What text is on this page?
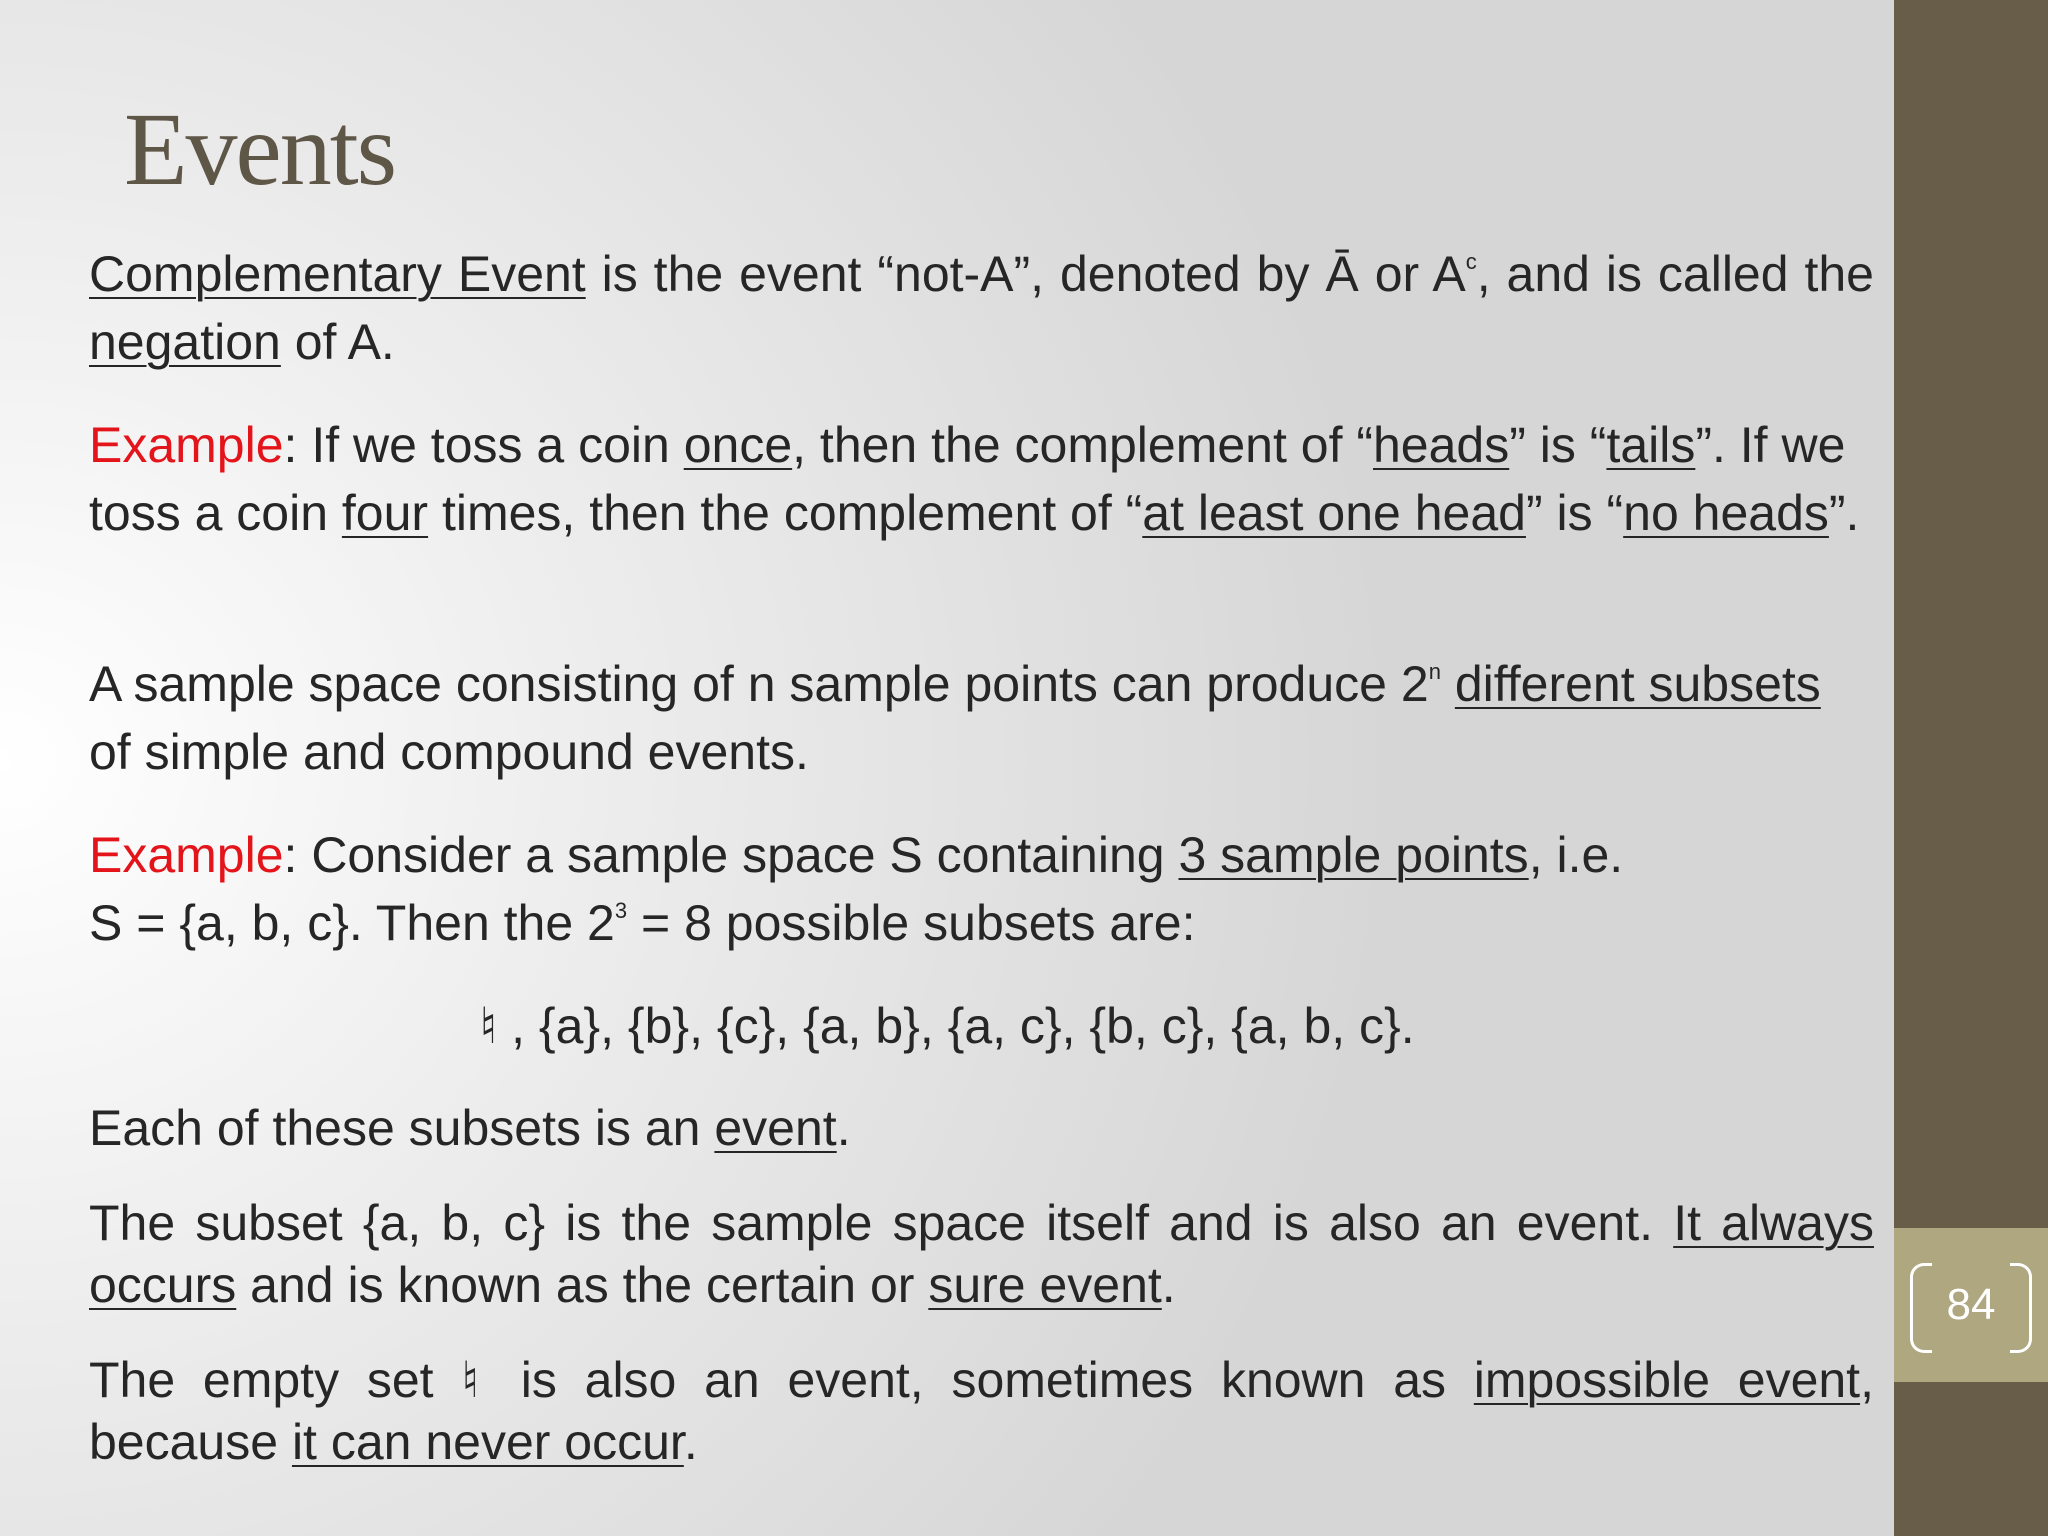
Events

Complementary Event is the event “not-A”, denoted by Ā or $A^c$, and is called the negation of A.

Example: If we toss a coin once, then the complement of “heads” is “tails”. If we toss a coin four times, then the complement of “at least one head” is “no heads”.

A sample space consisting of n sample points can produce 2$^n$ different subsets of simple and compound events.

Example: Consider a sample space S containing 3 sample points, i.e.
S = {a, b, c}. Then the $2^3 = 8$ possible subsets are:

♮ , {a}, {b}, {c}, {a, b}, {a, c}, {b, c}, {a, b, c}.

Each of these subsets is an event.

The subset {a, b, c} is the sample space itself and is also an event. It always occurs and is known as the certain or sure event.

The empty set ♮ is also an event, sometimes known as impossible event, because it can never occur.

84
